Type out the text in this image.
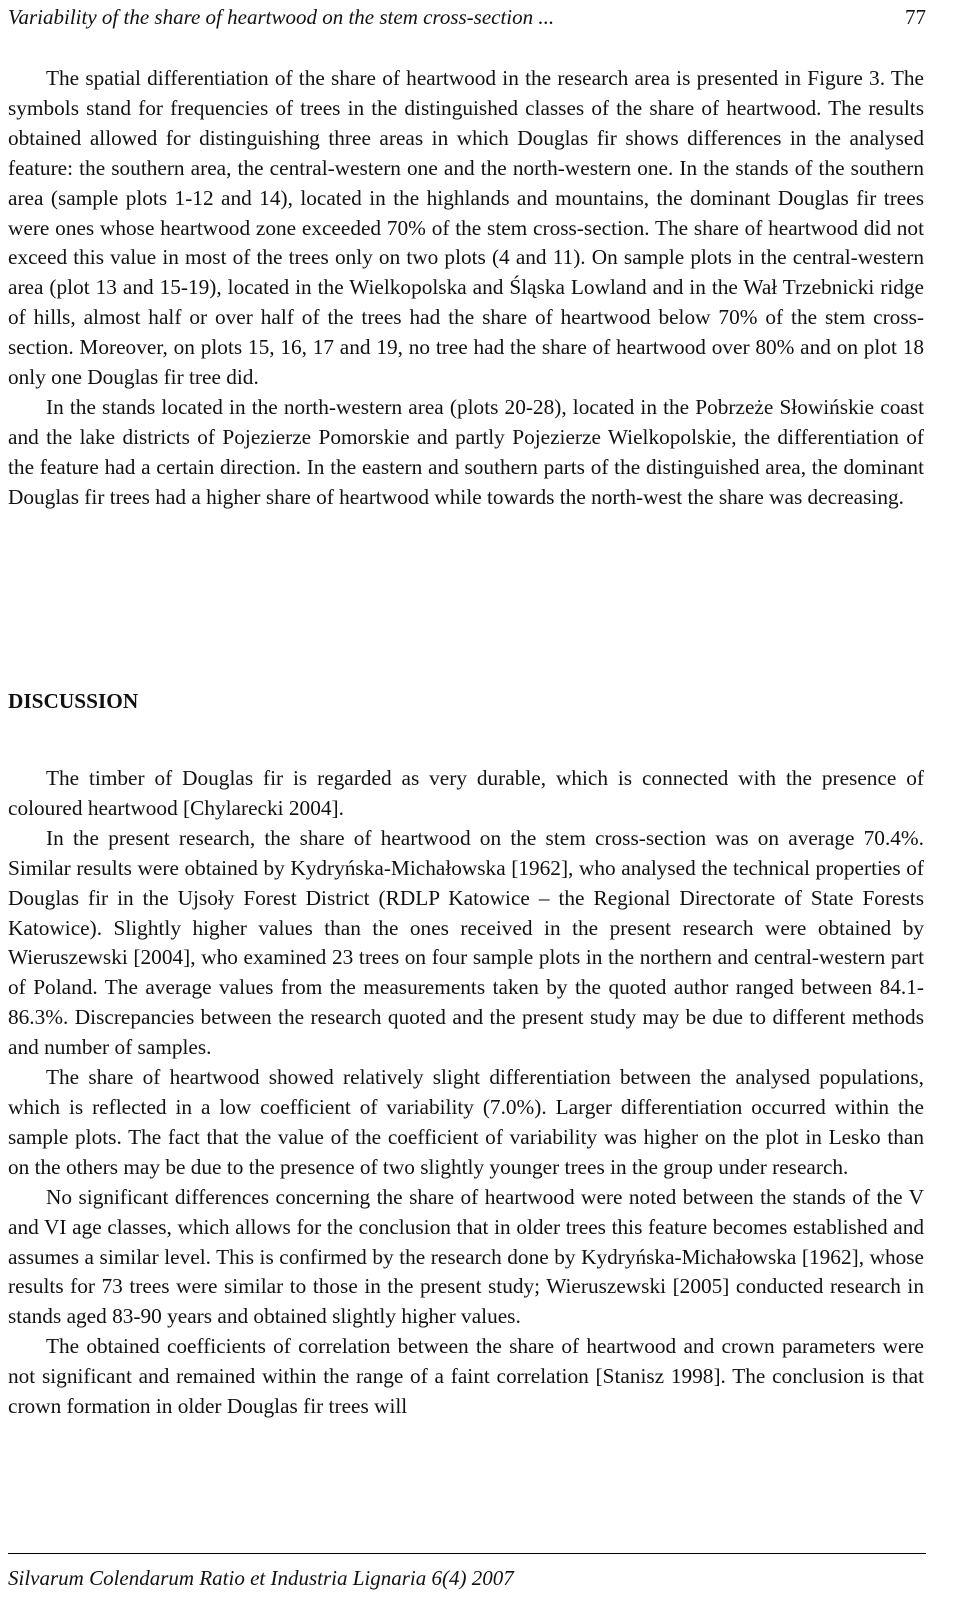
Variability of the share of heartwood on the stem cross-section ...	77

The spatial differentiation of the share of heartwood in the research area is presented in Figure 3. The symbols stand for frequencies of trees in the distinguished classes of the share of heartwood. The results obtained allowed for distinguishing three areas in which Douglas fir shows differences in the analysed feature: the southern area, the central-western one and the north-western one. In the stands of the southern area (sample plots 1-12 and 14), located in the highlands and mountains, the dominant Douglas fir trees were ones whose heartwood zone exceeded 70% of the stem cross-section. The share of heartwood did not exceed this value in most of the trees only on two plots (4 and 11). On sample plots in the central-western area (plot 13 and 15-19), located in the Wielkopolska and Śląska Lowland and in the Wał Trzebnicki ridge of hills, almost half or over half of the trees had the share of heartwood below 70% of the stem cross-section. Moreover, on plots 15, 16, 17 and 19, no tree had the share of heartwood over 80% and on plot 18 only one Douglas fir tree did.

In the stands located in the north-western area (plots 20-28), located in the Pobrzeże Słowińskie coast and the lake districts of Pojezierze Pomorskie and partly Pojezierze Wielkopolskie, the differentiation of the feature had a certain direction. In the eastern and southern parts of the distinguished area, the dominant Douglas fir trees had a higher share of heartwood while towards the north-west the share was decreasing.

DISCUSSION

The timber of Douglas fir is regarded as very durable, which is connected with the presence of coloured heartwood [Chylarecki 2004].

In the present research, the share of heartwood on the stem cross-section was on average 70.4%. Similar results were obtained by Kydryńska-Michałowska [1962], who analysed the technical properties of Douglas fir in the Ujsoły Forest District (RDLP Katowice – the Regional Directorate of State Forests Katowice). Slightly higher values than the ones received in the present research were obtained by Wieruszewski [2004], who examined 23 trees on four sample plots in the northern and central-western part of Poland. The average values from the measurements taken by the quoted author ranged between 84.1-86.3%. Discrepancies between the research quoted and the present study may be due to different methods and number of samples.

The share of heartwood showed relatively slight differentiation between the analysed populations, which is reflected in a low coefficient of variability (7.0%). Larger differentiation occurred within the sample plots. The fact that the value of the coefficient of variability was higher on the plot in Lesko than on the others may be due to the presence of two slightly younger trees in the group under research.

No significant differences concerning the share of heartwood were noted between the stands of the V and VI age classes, which allows for the conclusion that in older trees this feature becomes established and assumes a similar level. This is confirmed by the research done by Kydryńska-Michałowska [1962], whose results for 73 trees were similar to those in the present study; Wieruszewski [2005] conducted research in stands aged 83-90 years and obtained slightly higher values.

The obtained coefficients of correlation between the share of heartwood and crown parameters were not significant and remained within the range of a faint correlation [Stanisz 1998]. The conclusion is that crown formation in older Douglas fir trees will

Silvarum Colendarum Ratio et Industria Lignaria 6(4) 2007
